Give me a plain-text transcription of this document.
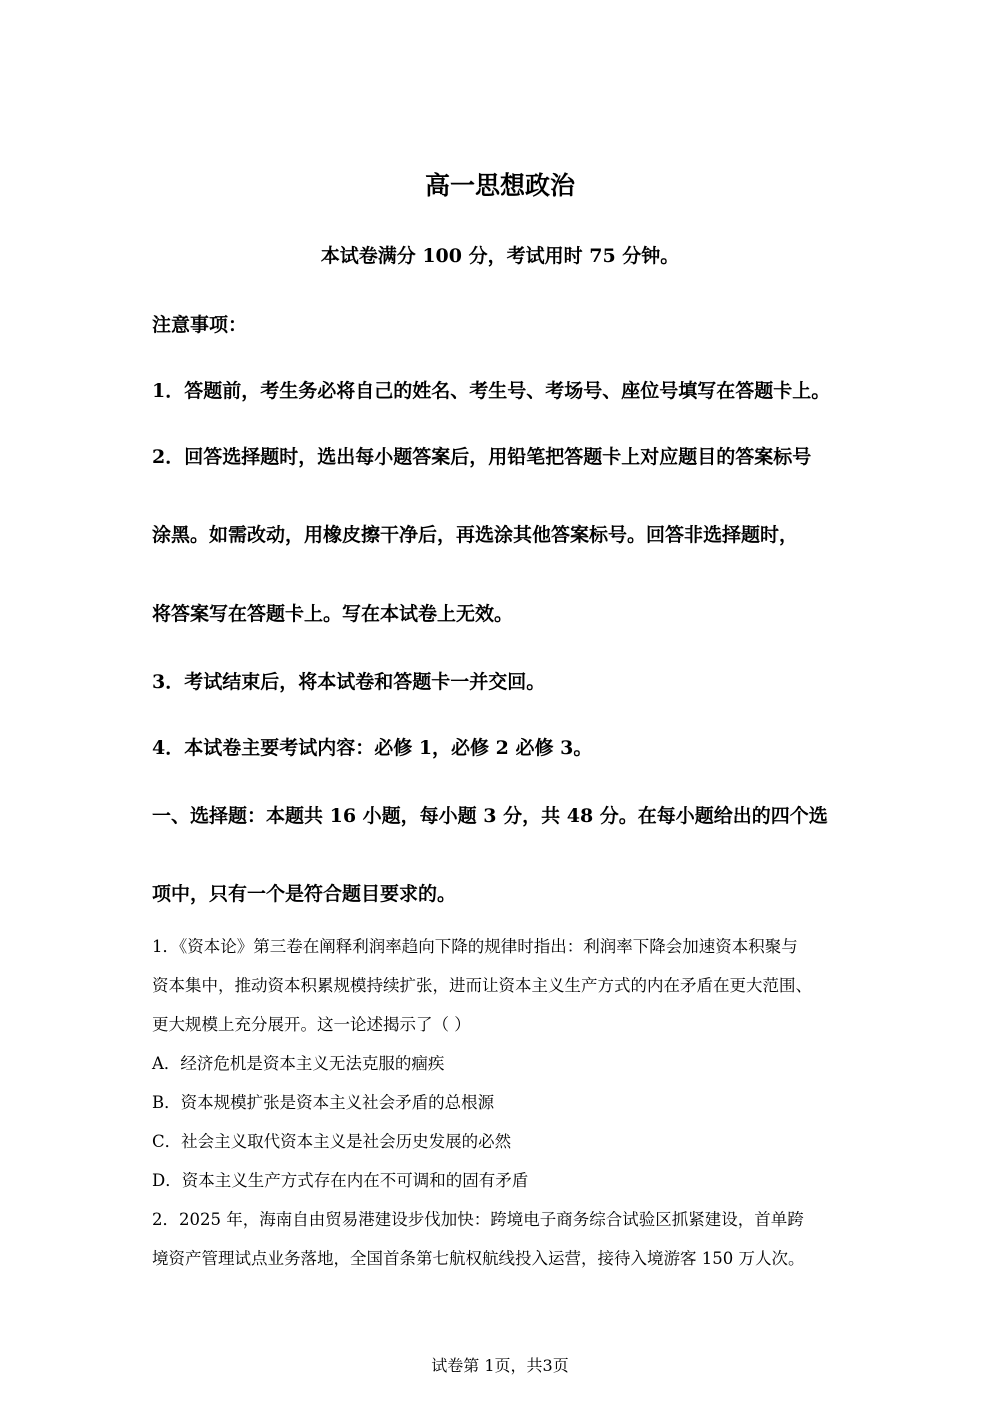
高一思想政治
本试卷满分 100 分，考试用时 75 分钟。
注意事项：
1．答题前，考生务必将自己的姓名、考生号、考场号、座位号填写在答题卡上。
2．回答选择题时，选出每小题答案后，用铅笔把答题卡上对应题目的答案标号
涂黑。如需改动，用橡皮擦干净后，再选涂其他答案标号。回答非选择题时，
将答案写在答题卡上。写在本试卷上无效。
3．考试结束后，将本试卷和答题卡一并交回。
4．本试卷主要考试内容：必修 1，必修 2 必修 3。
一、选择题：本题共 16 小题，每小题 3 分，共 48 分。在每小题给出的四个选
项中，只有一个是符合题目要求的。
1．《资本论》第三卷在阐释利润率趋向下降的规律时指出：利润率下降会加速资本积聚与
资本集中，推动资本积累规模持续扩张，进而让资本主义生产方式的内在矛盾在更大范围、
更大规模上充分展开。这一论述揭示了（ ）
A．经济危机是资本主义无法克服的痼疾
B．资本规模扩张是资本主义社会矛盾的总根源
C．社会主义取代资本主义是社会历史发展的必然
D．资本主义生产方式存在内在不可调和的固有矛盾
2．2025 年，海南自由贸易港建设步伐加快：跨境电子商务综合试验区抓紧建设，首单跨
境资产管理试点业务落地，全国首条第七航权航线投入运营，接待入境游客 150 万人次。
试卷第 1页，共3页
